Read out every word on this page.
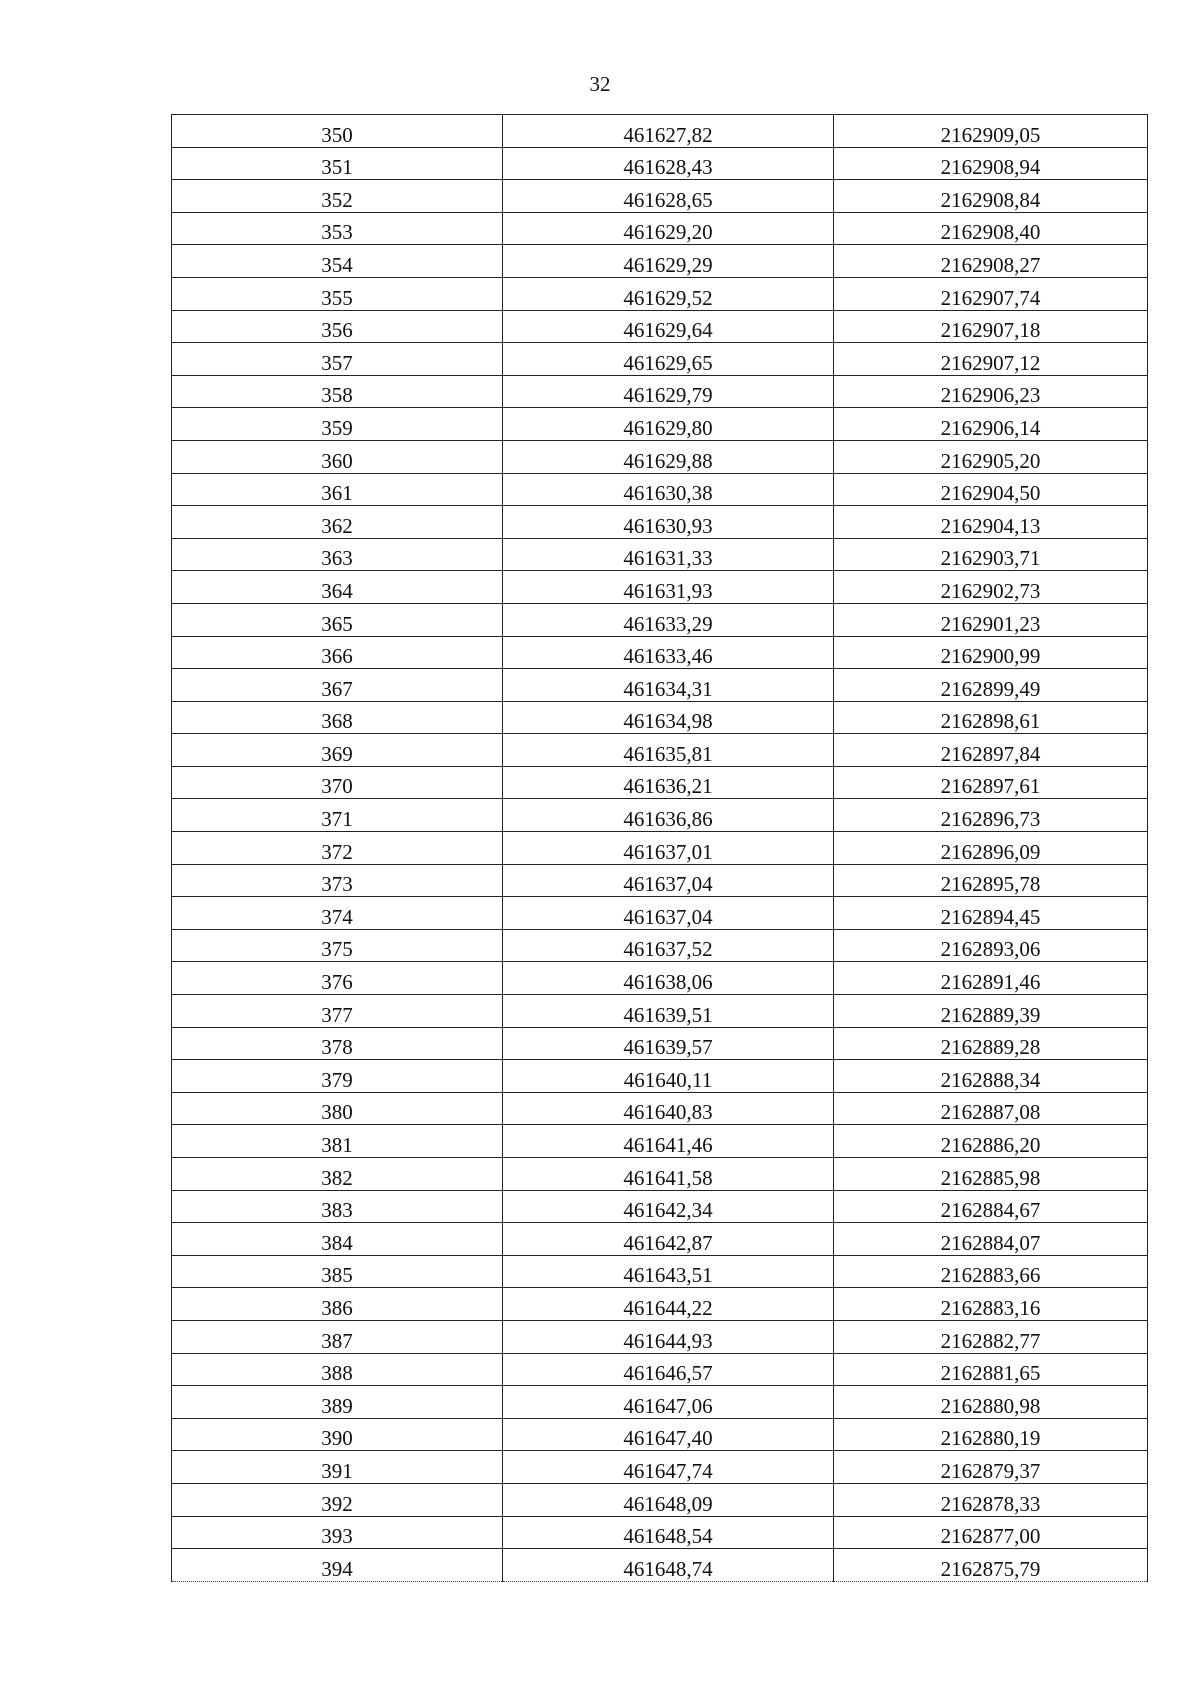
32
350	461627,82	2162909,05
351	461628,43	2162908,94
352	461628,65	2162908,84
353	461629,20	2162908,40
354	461629,29	2162908,27
355	461629,52	2162907,74
356	461629,64	2162907,18
357	461629,65	2162907,12
358	461629,79	2162906,23
359	461629,80	2162906,14
360	461629,88	2162905,20
361	461630,38	2162904,50
362	461630,93	2162904,13
363	461631,33	2162903,71
364	461631,93	2162902,73
365	461633,29	2162901,23
366	461633,46	2162900,99
367	461634,31	2162899,49
368	461634,98	2162898,61
369	461635,81	2162897,84
370	461636,21	2162897,61
371	461636,86	2162896,73
372	461637,01	2162896,09
373	461637,04	2162895,78
374	461637,04	2162894,45
375	461637,52	2162893,06
376	461638,06	2162891,46
377	461639,51	2162889,39
378	461639,57	2162889,28
379	461640,11	2162888,34
380	461640,83	2162887,08
381	461641,46	2162886,20
382	461641,58	2162885,98
383	461642,34	2162884,67
384	461642,87	2162884,07
385	461643,51	2162883,66
386	461644,22	2162883,16
387	461644,93	2162882,77
388	461646,57	2162881,65
389	461647,06	2162880,98
390	461647,40	2162880,19
391	461647,74	2162879,37
392	461648,09	2162878,33
393	461648,54	2162877,00
394	461648,74	2162875,79
